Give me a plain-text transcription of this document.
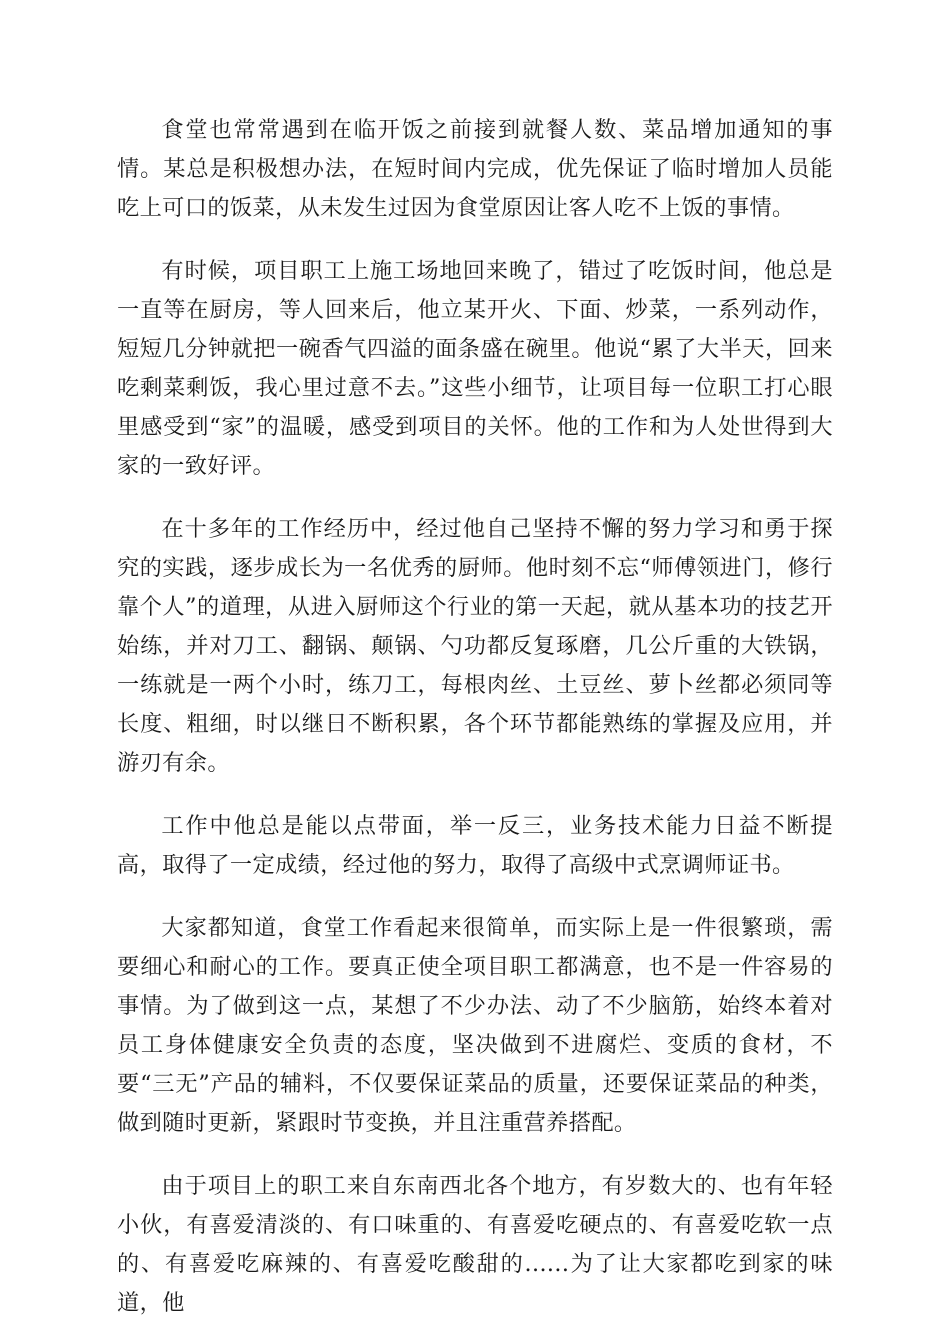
食堂也常常遇到在临开饭之前接到就餐人数、菜品增加通知的事情。某总是积极想办法，在短时间内完成，优先保证了临时增加人员能吃上可口的饭菜，从未发生过因为食堂原因让客人吃不上饭的事情。

有时候，项目职工上施工场地回来晚了，错过了吃饭时间，他总是一直等在厨房，等人回来后，他立某开火、下面、炒菜，一系列动作，短短几分钟就把一碗香气四溢的面条盛在碗里。他说“累了大半天，回来吃剩菜剩饭，我心里过意不去。”这些小细节，让项目每一位职工打心眼里感受到“家”的温暖，感受到项目的关怀。他的工作和为人处世得到大家的一致好评。

在十多年的工作经历中，经过他自己坚持不懈的努力学习和勇于探究的实践，逐步成长为一名优秀的厨师。他时刻不忘“师傅领进门，修行靠个人”的道理，从进入厨师这个行业的第一天起，就从基本功的技艺开始练，并对刀工、翻锅、颠锅、勺功都反复琢磨，几公斤重的大铁锅，一练就是一两个小时，练刀工，每根肉丝、土豆丝、萝卜丝都必须同等长度、粗细，时以继日不断积累，各个环节都能熟练的掌握及应用，并游刃有余。

工作中他总是能以点带面，举一反三，业务技术能力日益不断提高，取得了一定成绩，经过他的努力，取得了高级中式烹调师证书。

大家都知道，食堂工作看起来很简单，而实际上是一件很繁琐，需要细心和耐心的工作。要真正使全项目职工都满意，也不是一件容易的事情。为了做到这一点，某想了不少办法、动了不少脑筋，始终本着对员工身体健康安全负责的态度，坚决做到不进腐烂、变质的食材，不要“三无”产品的辅料，不仅要保证菜品的质量，还要保证菜品的种类，做到随时更新，紧跟时节变换，并且注重营养搭配。

由于项目上的职工来自东南西北各个地方，有岁数大的、也有年轻小伙，有喜爱清淡的、有口味重的、有喜爱吃硬点的、有喜爱吃软一点的、有喜爱吃麻辣的、有喜爱吃酸甜的......为了让大家都吃到家的味道，他
